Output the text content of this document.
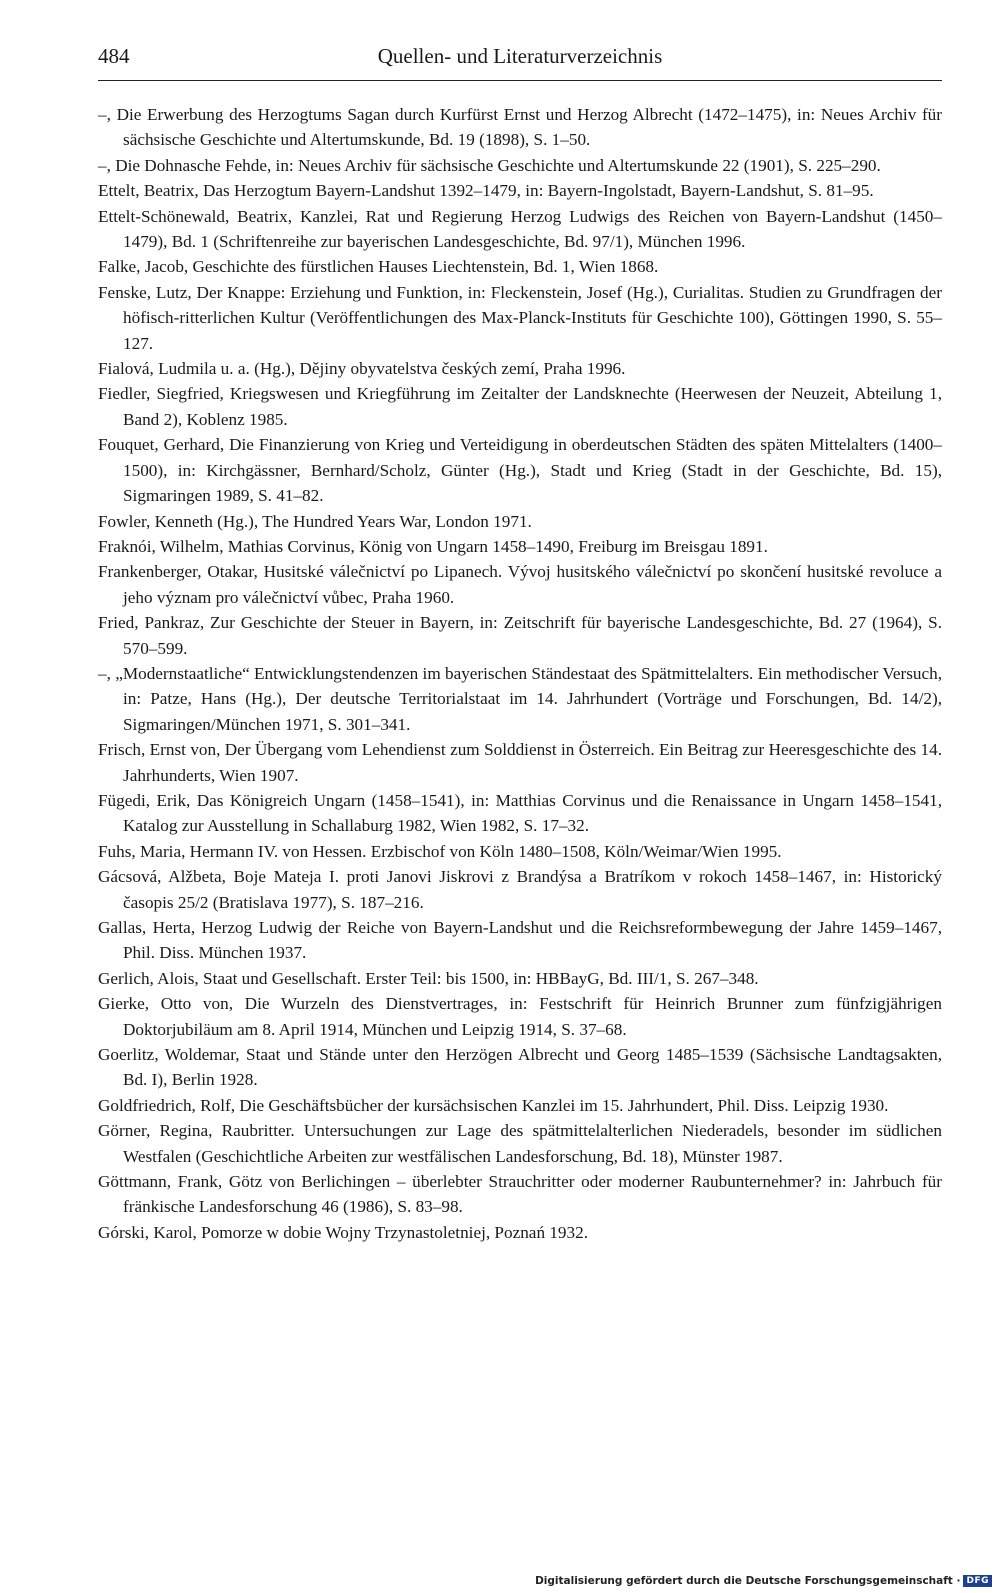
484	Quellen- und Literaturverzeichnis
–, Die Erwerbung des Herzogtums Sagan durch Kurfürst Ernst und Herzog Albrecht (1472–1475), in: Neues Archiv für sächsische Geschichte und Altertumskunde, Bd. 19 (1898), S. 1–50.
–, Die Dohnasche Fehde, in: Neues Archiv für sächsische Geschichte und Altertumskunde 22 (1901), S. 225–290.
Ettelt, Beatrix, Das Herzogtum Bayern-Landshut 1392–1479, in: Bayern-Ingolstadt, Bayern-Landshut, S. 81–95.
Ettelt-Schönewald, Beatrix, Kanzlei, Rat und Regierung Herzog Ludwigs des Reichen von Bayern-Landshut (1450–1479), Bd. 1 (Schriftenreihe zur bayerischen Landesgeschichte, Bd. 97/1), München 1996.
Falke, Jacob, Geschichte des fürstlichen Hauses Liechtenstein, Bd. 1, Wien 1868.
Fenske, Lutz, Der Knappe: Erziehung und Funktion, in: Fleckenstein, Josef (Hg.), Curialitas. Studien zu Grundfragen der höfisch-ritterlichen Kultur (Veröffentlichungen des Max-Planck-Instituts für Geschichte 100), Göttingen 1990, S. 55–127.
Fialová, Ludmila u. a. (Hg.), Dějiny obyvatelstva českých zemí, Praha 1996.
Fiedler, Siegfried, Kriegswesen und Kriegführung im Zeitalter der Landsknechte (Heerwesen der Neuzeit, Abteilung 1, Band 2), Koblenz 1985.
Fouquet, Gerhard, Die Finanzierung von Krieg und Verteidigung in oberdeutschen Städten des späten Mittelalters (1400–1500), in: Kirchgässner, Bernhard/Scholz, Günter (Hg.), Stadt und Krieg (Stadt in der Geschichte, Bd. 15), Sigmaringen 1989, S. 41–82.
Fowler, Kenneth (Hg.), The Hundred Years War, London 1971.
Fraknói, Wilhelm, Mathias Corvinus, König von Ungarn 1458–1490, Freiburg im Breisgau 1891.
Frankenberger, Otakar, Husitské válečnictví po Lipanech. Vývoj husitského válečnictví po skončení husitské revoluce a jeho význam pro válečnictví vůbec, Praha 1960.
Fried, Pankraz, Zur Geschichte der Steuer in Bayern, in: Zeitschrift für bayerische Landesgeschichte, Bd. 27 (1964), S. 570–599.
–, „Modernstaatliche“ Entwicklungstendenzen im bayerischen Ständestaat des Spätmittelalters. Ein methodischer Versuch, in: Patze, Hans (Hg.), Der deutsche Territorialstaat im 14. Jahrhundert (Vorträge und Forschungen, Bd. 14/2), Sigmaringen/München 1971, S. 301–341.
Frisch, Ernst von, Der Übergang vom Lehendienst zum Solddienst in Österreich. Ein Beitrag zur Heeresgeschichte des 14. Jahrhunderts, Wien 1907.
Fügedi, Erik, Das Königreich Ungarn (1458–1541), in: Matthias Corvinus und die Renaissance in Ungarn 1458–1541, Katalog zur Ausstellung in Schallaburg 1982, Wien 1982, S. 17–32.
Fuhs, Maria, Hermann IV. von Hessen. Erzbischof von Köln 1480–1508, Köln/Weimar/Wien 1995.
Gácsová, Alžbeta, Boje Mateja I. proti Janovi Jiskrovi z Brandýsa a Bratríkom v rokoch 1458–1467, in: Historický časopis 25/2 (Bratislava 1977), S. 187–216.
Gallas, Herta, Herzog Ludwig der Reiche von Bayern-Landshut und die Reichsreformbewegung der Jahre 1459–1467, Phil. Diss. München 1937.
Gerlich, Alois, Staat und Gesellschaft. Erster Teil: bis 1500, in: HBBayG, Bd. III/1, S. 267–348.
Gierke, Otto von, Die Wurzeln des Dienstvertrages, in: Festschrift für Heinrich Brunner zum fünfzigjährigen Doktorjubiläum am 8. April 1914, München und Leipzig 1914, S. 37–68.
Goerlitz, Woldemar, Staat und Stände unter den Herzögen Albrecht und Georg 1485–1539 (Sächsische Landtagsakten, Bd. I), Berlin 1928.
Goldfriedrich, Rolf, Die Geschäftsbücher der kursächsischen Kanzlei im 15. Jahrhundert, Phil. Diss. Leipzig 1930.
Görner, Regina, Raubritter. Untersuchungen zur Lage des spätmittelalterlichen Niederadels, besonder im südlichen Westfalen (Geschichtliche Arbeiten zur westfälischen Landesforschung, Bd. 18), Münster 1987.
Göttmann, Frank, Götz von Berlichingen – überlebter Strauchritter oder moderner Raubunternehmer? in: Jahrbuch für fränkische Landesforschung 46 (1986), S. 83–98.
Górski, Karol, Pomorze w dobie Wojny Trzynastoletniej, Poznań 1932.
Digitalisierung gefördert durch die Deutsche Forschungsgemeinschaft · DFG
